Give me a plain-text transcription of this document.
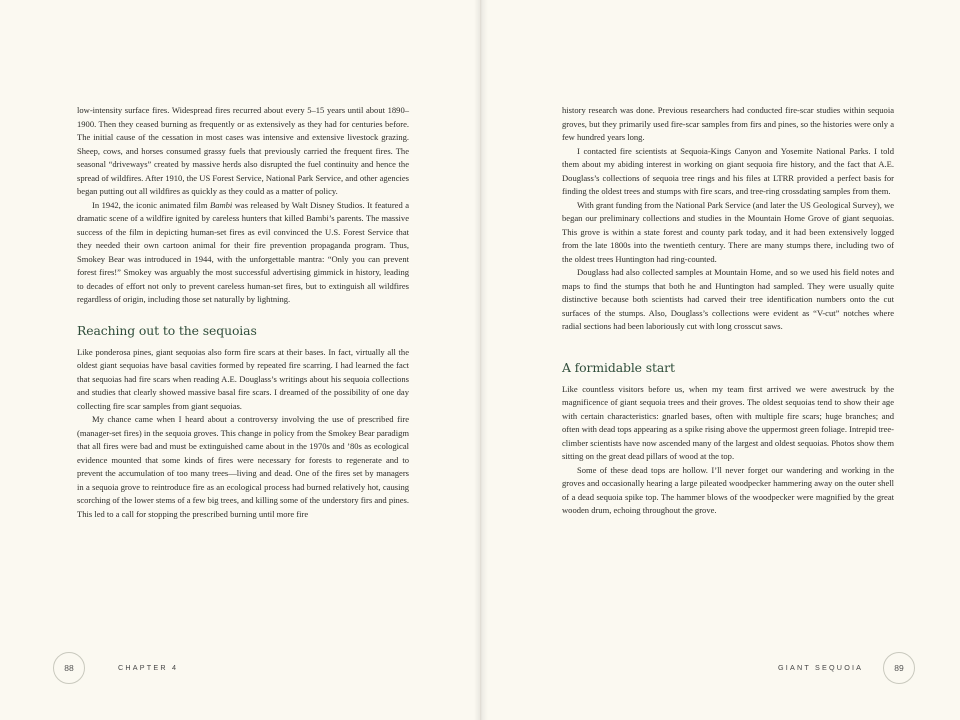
low-intensity surface fires. Widespread fires recurred about every 5–15 years until about 1890–1900. Then they ceased burning as frequently or as extensively as they had for centuries before. The initial cause of the cessation in most cases was intensive and extensive livestock grazing. Sheep, cows, and horses consumed grassy fuels that previously carried the frequent fires. The seasonal “driveways” created by massive herds also disrupted the fuel continuity and hence the spread of wildfires. After 1910, the US Forest Service, National Park Service, and other agencies began putting out all wildfires as quickly as they could as a matter of policy.

In 1942, the iconic animated film Bambi was released by Walt Disney Studios. It featured a dramatic scene of a wildfire ignited by careless hunters that killed Bambi’s parents. The massive success of the film in depicting human-set fires as evil convinced the U.S. Forest Service that they needed their own cartoon animal for their fire prevention propaganda program. Thus, Smokey Bear was introduced in 1944, with the unforgettable mantra: “Only you can prevent forest fires!” Smokey was arguably the most successful advertising gimmick in history, leading to decades of effort not only to prevent careless human-set fires, but to extinguish all wildfires regardless of origin, including those set naturally by lightning.

Reaching out to the sequoias

Like ponderosa pines, giant sequoias also form fire scars at their bases. In fact, virtually all the oldest giant sequoias have basal cavities formed by repeated fire scarring. I had learned the fact that sequoias had fire scars when reading A.E. Douglass’s writings about his sequoia collections and studies that clearly showed massive basal fire scars. I dreamed of the possibility of one day collecting fire scar samples from giant sequoias.

My chance came when I heard about a controversy involving the use of prescribed fire (manager-set fires) in the sequoia groves. This change in policy from the Smokey Bear paradigm that all fires were bad and must be extinguished came about in the 1970s and ’80s as ecological evidence mounted that some kinds of fires were necessary for forests to regenerate and to prevent the accumulation of too many trees—living and dead. One of the fires set by managers in a sequoia grove to reintroduce fire as an ecological process had burned relatively hot, causing scorching of the lower stems of a few big trees, and killing some of the understory firs and pines. This led to a call for stopping the prescribed burning until more fire

88	CHAPTER 4

history research was done. Previous researchers had conducted fire-scar studies within sequoia groves, but they primarily used fire-scar samples from firs and pines, so the histories were only a few hundred years long.

I contacted fire scientists at Sequoia-Kings Canyon and Yosemite National Parks. I told them about my abiding interest in working on giant sequoia fire history, and the fact that A.E. Douglass’s collections of sequoia tree rings and his files at LTRR provided a perfect basis for finding the oldest trees and stumps with fire scars, and tree-ring crossdating samples from them.

With grant funding from the National Park Service (and later the US Geological Survey), we began our preliminary collections and studies in the Mountain Home Grove of giant sequoias. This grove is within a state forest and county park today, and it had been extensively logged from the late 1800s into the twentieth century. There are many stumps there, including two of the oldest trees Huntington had ring-counted.

Douglass had also collected samples at Mountain Home, and so we used his field notes and maps to find the stumps that both he and Huntington had sampled. They were usually quite distinctive because both scientists had carved their tree identification numbers onto the cut surfaces of the stumps. Also, Douglass’s collections were evident as “V-cut” notches where radial sections had been laboriously cut with long crosscut saws.

A formidable start

Like countless visitors before us, when my team first arrived we were awestruck by the magnificence of giant sequoia trees and their groves. The oldest sequoias tend to show their age with certain characteristics: gnarled bases, often with multiple fire scars; huge branches; and often with dead tops appearing as a spike rising above the uppermost green foliage. Intrepid tree-climber scientists have now ascended many of the largest and oldest sequoias. Photos show them sitting on the great dead pillars of wood at the top.

Some of these dead tops are hollow. I’ll never forget our wandering and working in the groves and occasionally hearing a large pileated woodpecker hammering away on the outer shell of a dead sequoia spike top. The hammer blows of the woodpecker were magnified by the great wooden drum, echoing throughout the grove.

GIANT SEQUOIA	89
